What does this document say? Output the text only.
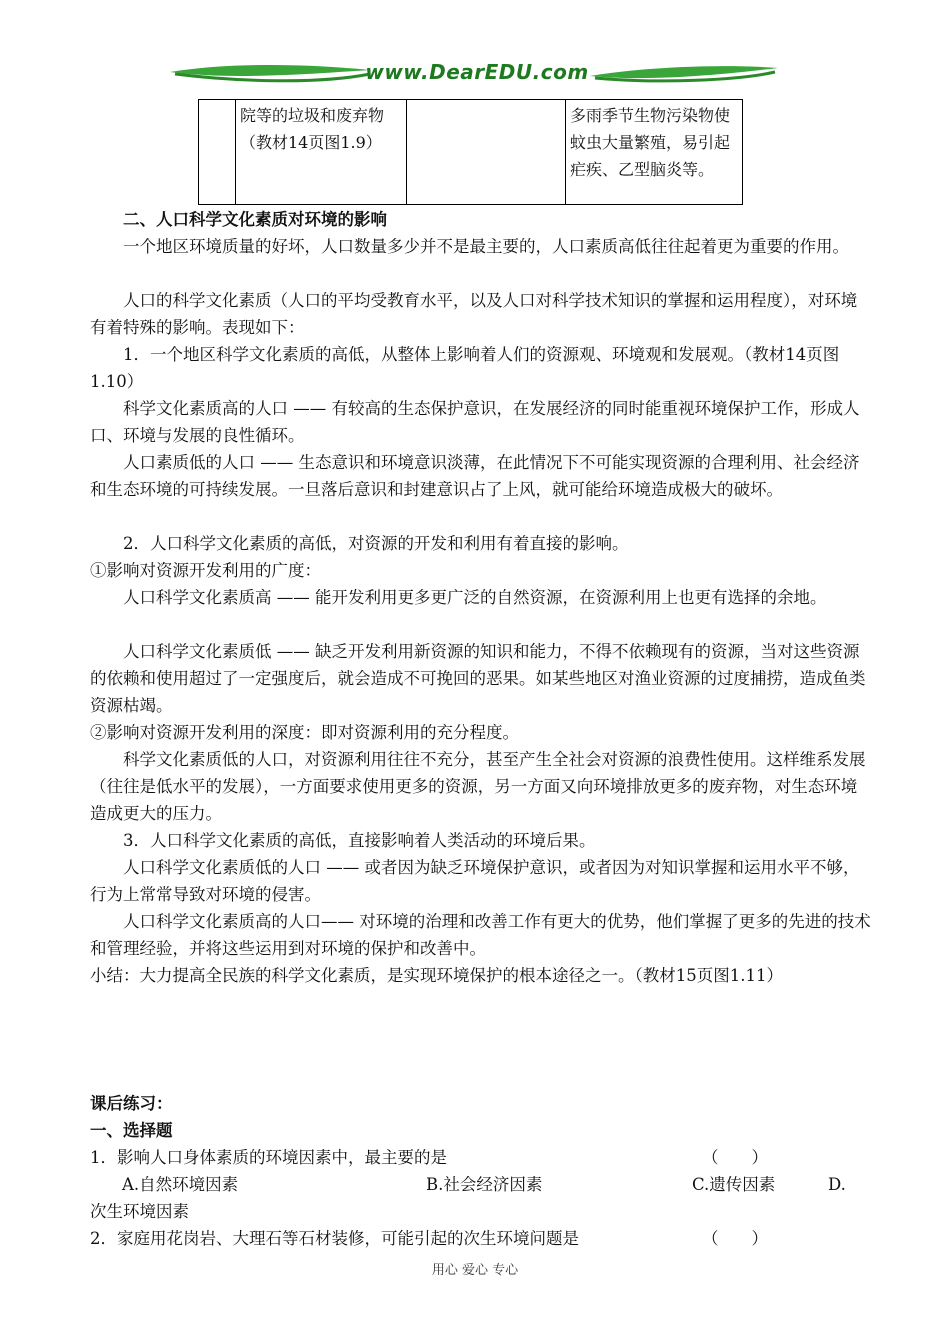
www.DearEDU.com
	院等的垃圾和废弃物（教材14页图1.9）		多雨季节生物污染物使蚊虫大量繁殖，易引起疟疾、乙型脑炎等。
二、人口科学文化素质对环境的影响
一个地区环境质量的好坏，人口数量多少并不是最主要的，人口素质高低往往起着更为重要的作用。
人口的科学文化素质（人口的平均受教育水平，以及人口对科学技术知识的掌握和运用程度），对环境有着特殊的影响。表现如下：
1．一个地区科学文化素质的高低，从整体上影响着人们的资源观、环境观和发展观。（教材14页图1.10）
科学文化素质高的人口 —— 有较高的生态保护意识，在发展经济的同时能重视环境保护工作，形成人口、环境与发展的良性循环。
人口素质低的人口 —— 生态意识和环境意识淡薄，在此情况下不可能实现资源的合理利用、社会经济和生态环境的可持续发展。一旦落后意识和封建意识占了上风，就可能给环境造成极大的破坏。
2．人口科学文化素质的高低，对资源的开发和利用有着直接的影响。
①影响对资源开发利用的广度：
人口科学文化素质高 —— 能开发利用更多更广泛的自然资源，在资源利用上也更有选择的余地。
人口科学文化素质低 —— 缺乏开发利用新资源的知识和能力，不得不依赖现有的资源，当对这些资源的依赖和使用超过了一定强度后，就会造成不可挽回的恶果。如某些地区对渔业资源的过度捕捞，造成鱼类资源枯竭。
②影响对资源开发利用的深度：即对资源利用的充分程度。
科学文化素质低的人口，对资源利用往往不充分，甚至产生全社会对资源的浪费性使用。这样维系发展（往往是低水平的发展），一方面要求使用更多的资源，另一方面又向环境排放更多的废弃物，对生态环境造成更大的压力。
3．人口科学文化素质的高低，直接影响着人类活动的环境后果。
人口科学文化素质低的人口 —— 或者因为缺乏环境保护意识，或者因为对知识掌握和运用水平不够，行为上常常导致对环境的侵害。
人口科学文化素质高的人口—— 对环境的治理和改善工作有更大的优势，他们掌握了更多的先进的技术和管理经验，并将这些运用到对环境的保护和改善中。
小结：大力提高全民族的科学文化素质，是实现环境保护的根本途径之一。（教材15页图1.11）
课后练习：
一、选择题
1．影响人口身体素质的环境因素中，最主要的是	（　　）
A.自然环境因素	B.社会经济因素	C.遗传因素	D.
次生环境因素
2．家庭用花岗岩、大理石等石材装修，可能引起的次生环境问题是	（　　）
用心 爱心 专心
